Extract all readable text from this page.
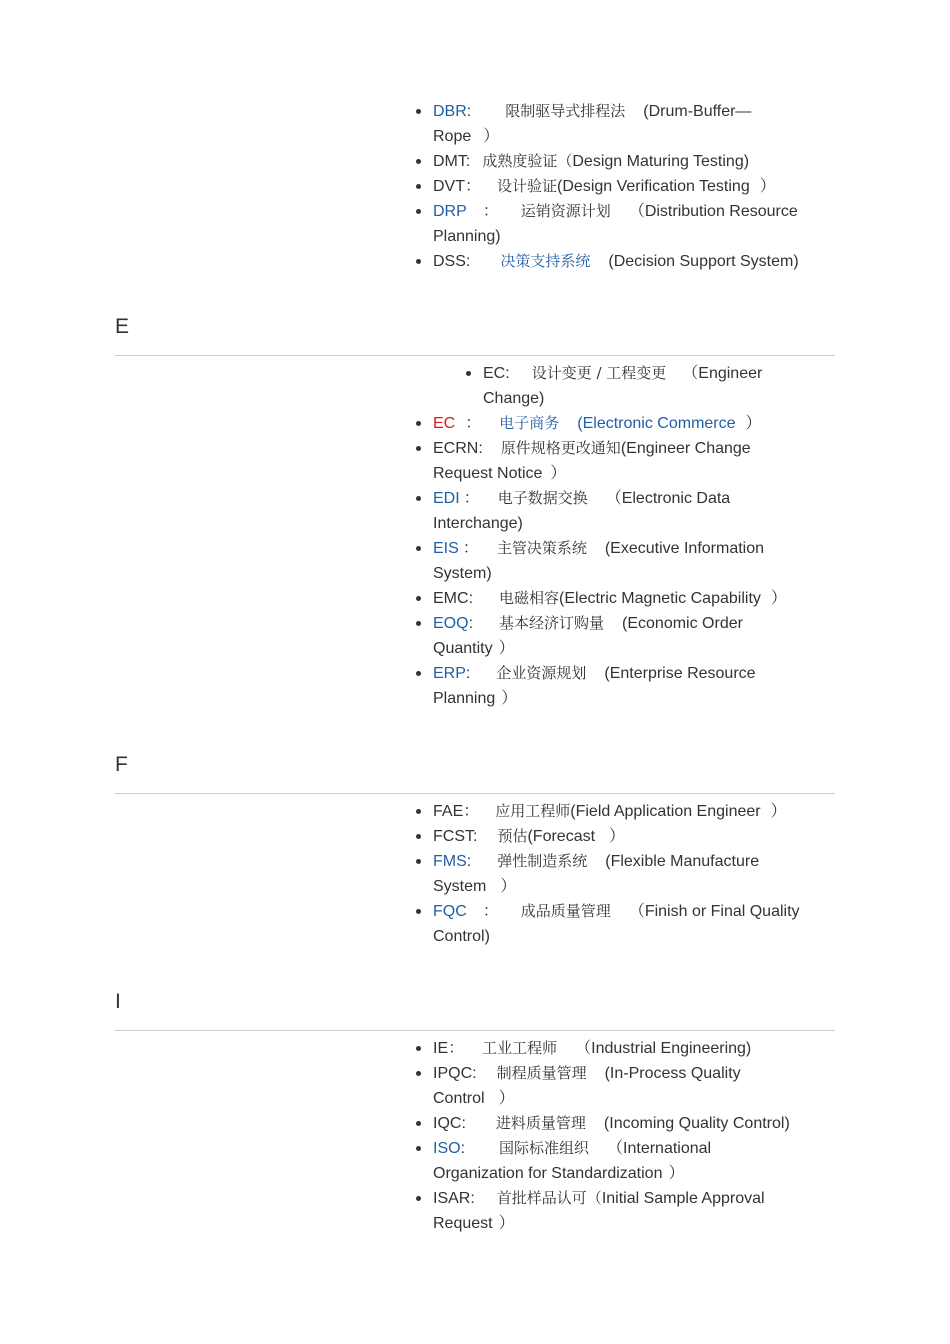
DBR: 限制驱导式排程法 (Drum-Buffer—
Rope ）
DMT: 成熟度验证（Design Maturing Testing)
DVT： 设计验证(Design Verification Testing ）
DRP ： 运销资源计划 （Distribution Resource
Planning)
DSS: 决策支持系统 (Decision Support System)
E
EC: 设计变更 / 工程变更 （Engineer
Change)
EC ： 电子商务 (Electronic Commerce ）
ECRN: 原件规格更改通知(Engineer Change
Request Notice ）
EDI ： 电子数据交换 （Electronic Data
Interchange)
EIS ： 主管决策系统 (Executive Information
System)
EMC: 电磁相容(Electric Magnetic Capability ）
EOQ: 基本经济订购量 (Economic Order
Quantity ）
ERP: 企业资源规划 (Enterprise Resource
Planning ）
F
FAE： 应用工程师(Field Application Engineer ）
FCST: 预估(Forecast ）
FMS: 弹性制造系统 (Flexible Manufacture
System ）
FQC ： 成品质量管理 （Finish or Final Quality
Control)
I
IE： 工业工程师 （Industrial Engineering)
IPQC: 制程质量管理 (In-Process Quality
Control ）
IQC: 进料质量管理 (Incoming Quality Control)
ISO: 国际标准组织 （International
Organization for Standardization ）
ISAR: 首批样品认可（Initial Sample Approval
Request ）
